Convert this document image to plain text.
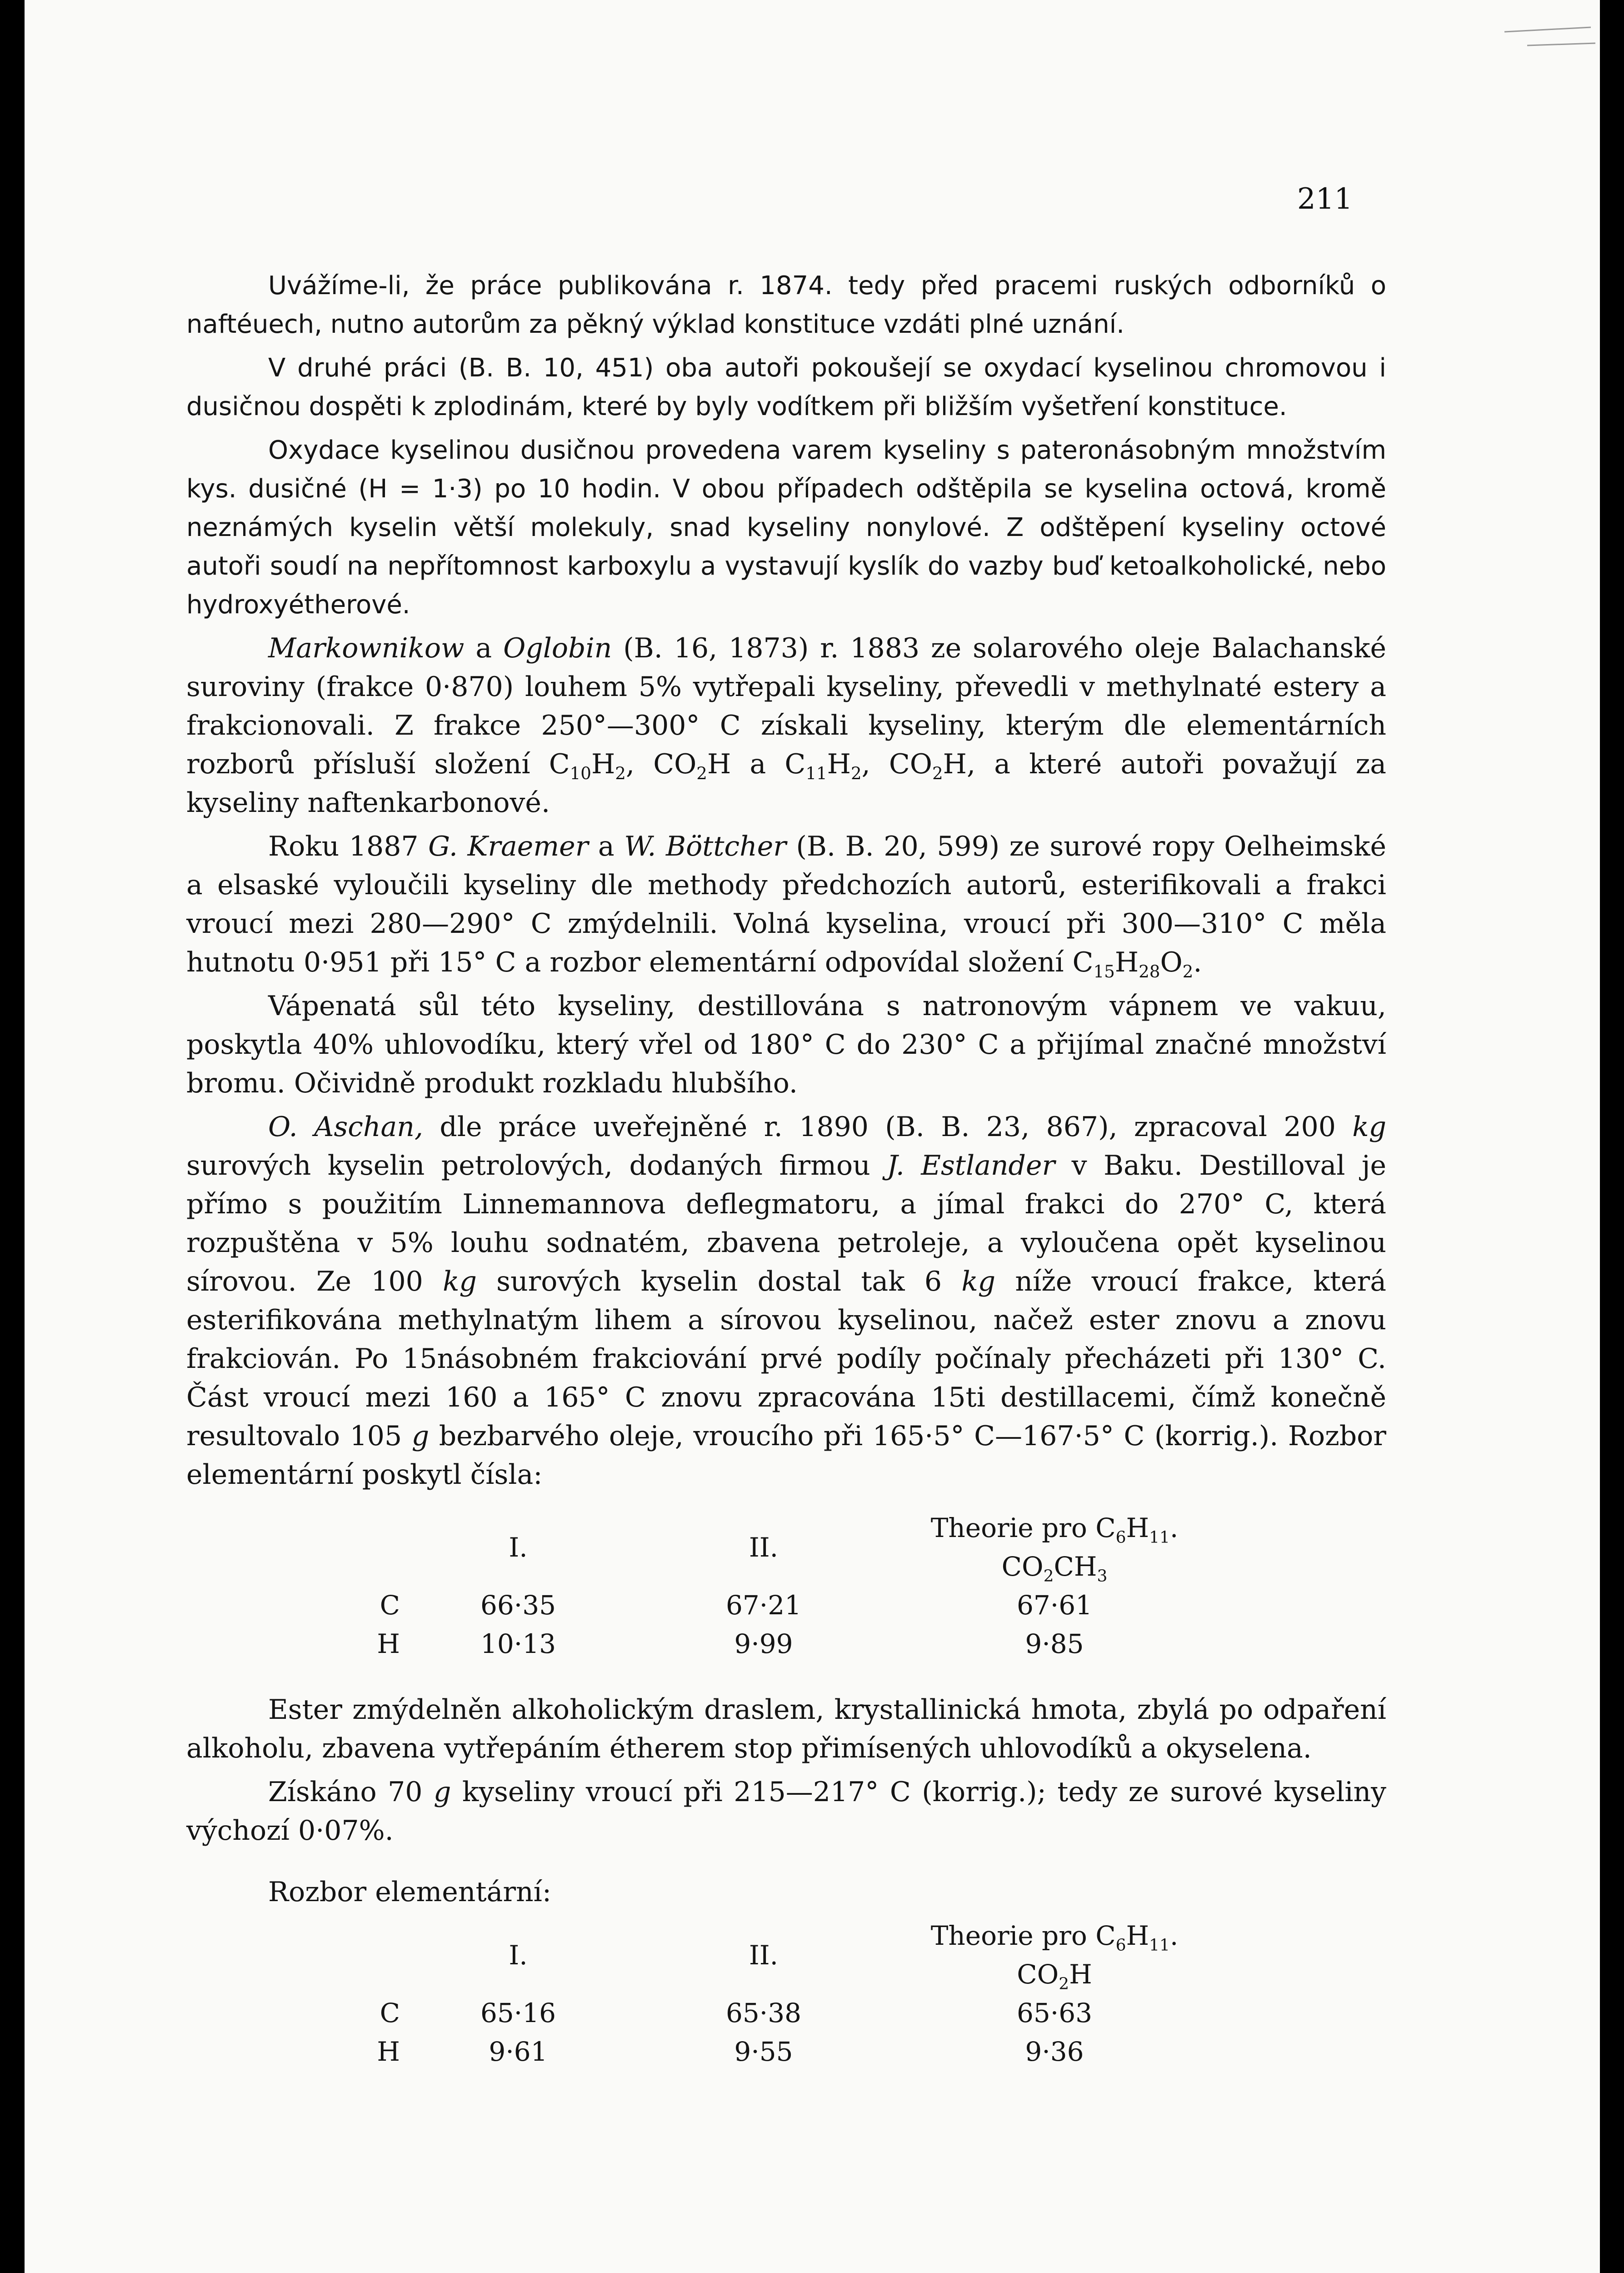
211

Uvážíme-li, že práce publikována r. 1874. tedy před pracemi ruských odborníků o naftéuech, nutno autorům za pěkný výklad konstituce vzdáti plné uznání.

V druhé práci (B. B. 10, 451) oba autoři pokoušejí se oxydací kyselinou chromovou i dusičnou dospěti k zplodinám, které by byly vodítkem při bližším vyšetření konstituce.

Oxydace kyselinou dusičnou provedena varem kyseliny s pateronásobným množstvím kys. dusičné (H = 1·3) po 10 hodin. V obou případech odštěpila se kyselina octová, kromě neznámých kyselin větší molekuly, snad kyseliny nonylové. Z odštěpení kyseliny octové autoři soudí na nepřítomnost karboxylu a vystavují kyslík do vazby buď ketoalkoholické, nebo hydroxyétherové.

Markownikow a Oglobin (B. 16, 1873) r. 1883 ze solarového oleje Balachanské suroviny (frakce 0·870) louhem 5% vytřepali kyseliny, převedli v methylnaté estery a frakcionovali. Z frakce 250°—300° C získali kyseliny, kterým dle elementárních rozborů přísluší složení $C_{10}H_2$, $CO_2H$ a $C_{11}H_2$, $CO_2H$, a které autoři považují za kyseliny naftenkarbonové.

Roku 1887 G. Kraemer a W. Böttcher (B. B. 20, 599) ze surové ropy Oelheimské a elsaské vyloučili kyseliny dle methody předchozích autorů, esterifikovali a frakci vroucí mezi 280—290° C zmýdelnili. Volná kyselina, vroucí při 300—310° C měla hutnotu 0·951 při 15° C a rozbor elementární odpovídal složení $C_{15}H_{28}O_2$.

Vápenatá sůl této kyseliny, destillována s natronovým vápnem ve vakuu, poskytla 40% uhlovodíku, který vřel od 180° C do 230° C a přijímal značné množství bromu. Očividně produkt rozkladu hlubšího.

O. Aschan, dle práce uveřejněné r. 1890 (B. B. 23, 867), zpracoval 200 kg surových kyselin petrolových, dodaných firmou J. Estlander v Baku. Destilloval je přímo s použitím Linnemannova deflegmatoru, a jímal frakci do 270° C, která rozpuštěna v 5% louhu sodnatém, zbavena petroleje, a vyloučena opět kyselinou sírovou. Ze 100 kg surových kyselin dostal tak 6 kg níže vroucí frakce, která esterifikována methylnatým lihem a sírovou kyselinou, načež ester znovu a znovu frakciován. Po 15násobném frakciování prvé podíly počínaly přecházeti při 130° C. Část vroucí mezi 160 a 165° C znovu zpracována 15ti destillacemi, čímž konečně resultovalo 105 g bezbarvého oleje, vroucího při 165·5° C—167·5° C (korrig.). Rozbor elementární poskytl čísla:

	I.	II.	Theorie pro $C_6H_{11}$. $CO_2CH_3$
C	66·35	67·21	67·61
H	10·13	9·99	9·85

Ester zmýdelněn alkoholickým draslem, krystallinická hmota, zbylá po odpaření alkoholu, zbavena vytřepáním étherem stop přimísených uhlovodíků a okyselena.

Získáno 70 g kyseliny vroucí při 215—217° C (korrig.); tedy ze surové kyseliny výchozí 0·07%.

Rozbor elementární:

	I.	II.	Theorie pro $C_6H_{11}$. $CO_2H$
C	65·16	65·38	65·63
H	9·61	9·55	9·36
